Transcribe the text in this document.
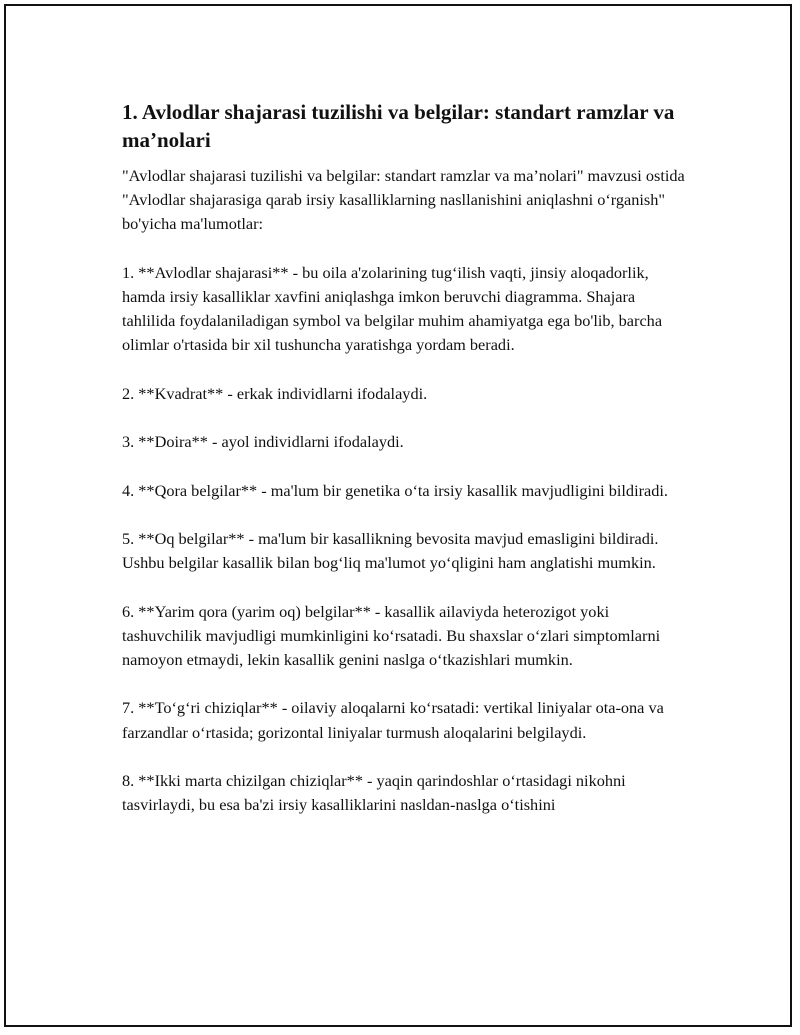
1. Avlodlar shajarasi tuzilishi va belgilar: standart ramzlar va ma’nolari

"Avlodlar shajarasi tuzilishi va belgilar: standart ramzlar va ma’nolari" mavzusi ostida "Avlodlar shajarasiga qarab irsiy kasalliklarning nasllanishini aniqlashni o‘rganish" bo'yicha ma'lumotlar:

1. **Avlodlar shajarasi** - bu oila a'zolarining tug‘ilish vaqti, jinsiy aloqadorlik, hamda irsiy kasalliklar xavfini aniqlashga imkon beruvchi diagramma. Shajara tahlilida foydalaniladigan symbol va belgilar muhim ahamiyatga ega bo'lib, barcha olimlar o'rtasida bir xil tushuncha yaratishga yordam beradi.

2. **Kvadrat** - erkak individlarni ifodalaydi.

3. **Doira** - ayol individlarni ifodalaydi.

4. **Qora belgilar** - ma'lum bir genetika o‘ta irsiy kasallik mavjudligini bildiradi.

5. **Oq belgilar** - ma'lum bir kasallikning bevosita mavjud emasligini bildiradi. Ushbu belgilar kasallik bilan bog‘liq ma'lumot yo‘qligini ham anglatishi mumkin.

6. **Yarim qora (yarim oq) belgilar** - kasallik ailaviyda heterozigot yoki tashuvchilik mavjudligi mumkinligini ko‘rsatadi. Bu shaxslar o‘zlari simptomlarni namoyon etmaydi, lekin kasallik genini naslga o‘tkazishlari mumkin.

7. **To‘g‘ri chiziqlar** - oilaviy aloqalarni ko‘rsatadi: vertikal liniyalar ota-ona va farzandlar o‘rtasida; gorizontal liniyalar turmush aloqalarini belgilaydi.

8. **Ikki marta chizilgan chiziqlar** - yaqin qarindoshlar o‘rtasidagi nikohni tasvirlaydi, bu esa ba'zi irsiy kasalliklarini nasldan-naslga o‘tishini
